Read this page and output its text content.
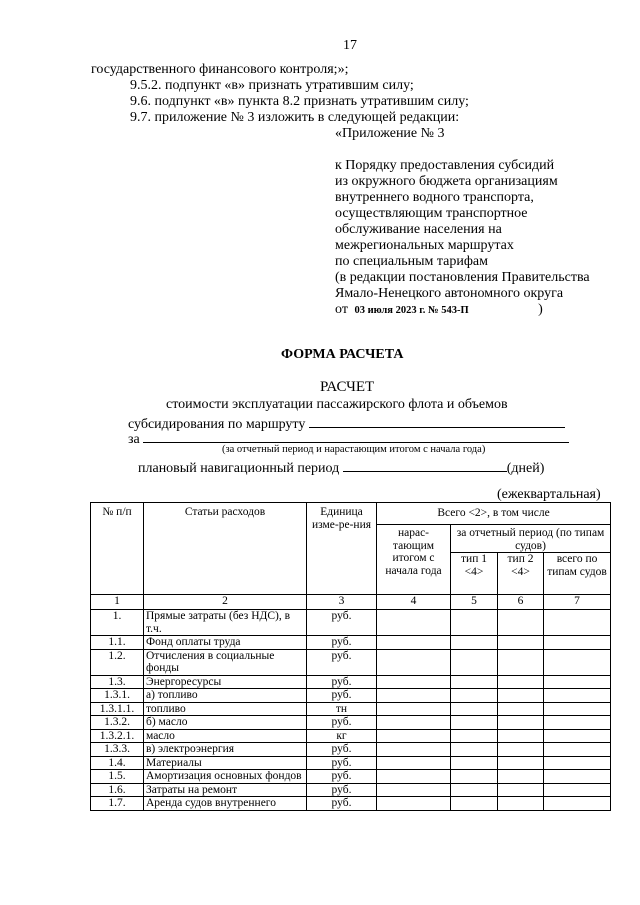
17
государственного финансового контроля;»;
9.5.2. подпункт «в» признать утратившим силу;
9.6. подпункт «в» пункта 8.2 признать утратившим силу;
9.7. приложение № 3 изложить в следующей редакции:
«Приложение № 3
к Порядку предоставления субсидий
из окружного бюджета организациям
внутреннего водного транспорта,
осуществляющим транспортное
обслуживание населения на
межрегиональных маршрутах
по специальным тарифам
(в редакции постановления Правительства
Ямало-Ненецкого автономного округа
от 03 июля 2023 г. № 543-П	)
ФОРМА РАСЧЕТА
РАСЧЕТ
стоимости эксплуатации пассажирского флота и объемов
субсидирования по маршруту
за
(за отчетный период и нарастающим итогом с начала года)
плановый навигационный период	(дней)
(ежеквартальная)
№ п/п	Статьи расходов	Единица изме-ре-ния	Всего <2>, в том числе			
			нарас-тающим итогом с начала года	за отчетный период (по типам судов)		
				тип 1 <4>	тип 2 <4>	всего по типам судов
1	2	3	4	5	6	7
1.	Прямые затраты (без НДС), в т.ч.	руб.				
1.1.	Фонд оплаты труда	руб.				
1.2.	Отчисления в социальные фонды	руб.				
1.3.	Энергоресурсы	руб.				
1.3.1.	а) топливо	руб.				
1.3.1.1.	топливо	тн				
1.3.2.	б) масло	руб.				
1.3.2.1.	масло	кг				
1.3.3.	в) электроэнергия	руб.				
1.4.	Материалы	руб.				
1.5.	Амортизация основных фондов	руб.				
1.6.	Затраты на ремонт	руб.				
1.7.	Аренда судов внутреннего	руб.				
